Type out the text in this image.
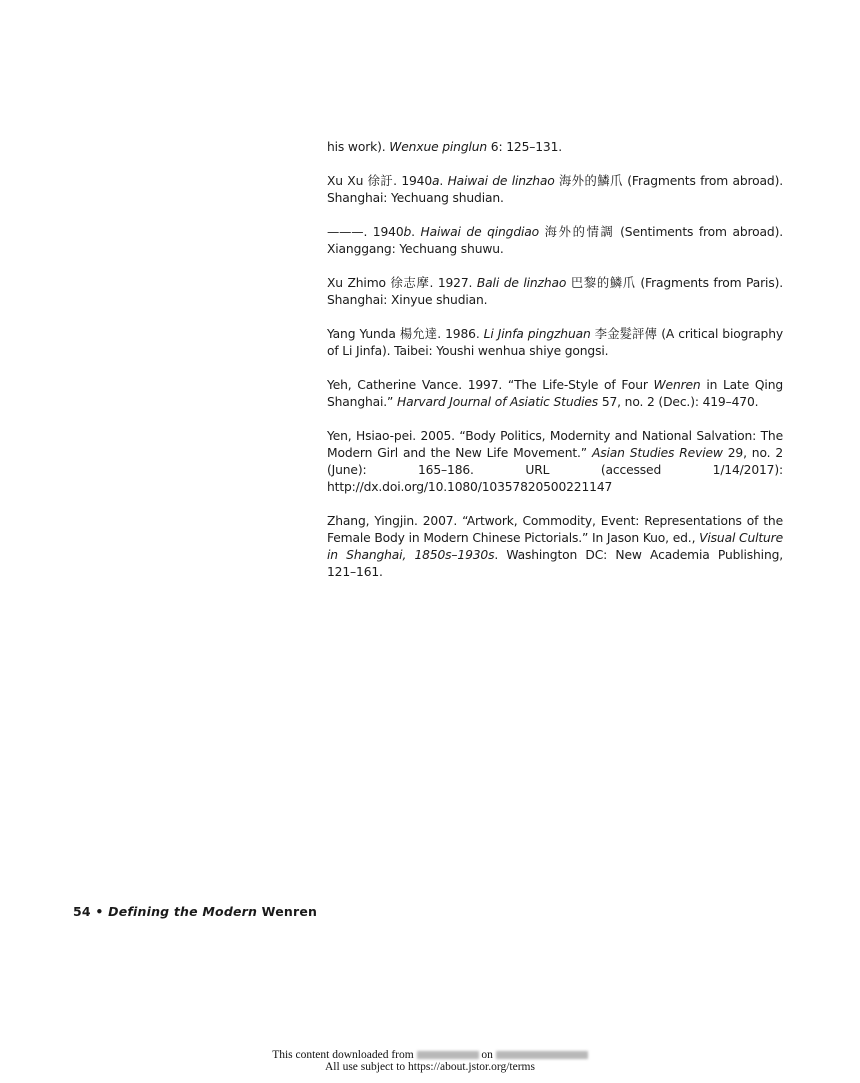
his work). Wenxue pinglun 6: 125–131.
Xu Xu 徐訏. 1940a. Haiwai de linzhao 海外的鱗爪 (Fragments from abroad). Shanghai: Yechuang shudian.
———. 1940b. Haiwai de qingdiao 海外的情調 (Sentiments from abroad). Xianggang: Yechuang shuwu.
Xu Zhimo 徐志摩. 1927. Bali de linzhao 巴黎的鱗爪 (Fragments from Paris). Shanghai: Xinyue shudian.
Yang Yunda 楊允達. 1986. Li Jinfa pingzhuan 李金髮評傳 (A critical biography of Li Jinfa). Taibei: Youshi wenhua shiye gongsi.
Yeh, Catherine Vance. 1997. “The Life-Style of Four Wenren in Late Qing Shanghai.” Harvard Journal of Asiatic Studies 57, no. 2 (Dec.): 419–470.
Yen, Hsiao-pei. 2005. “Body Politics, Modernity and National Salvation: The Modern Girl and the New Life Movement.” Asian Studies Review 29, no. 2 (June): 165–186. URL (accessed 1/14/2017): http://dx.doi.org/10.1080/10357820500221147
Zhang, Yingjin. 2007. “Artwork, Commodity, Event: Representations of the Female Body in Modern Chinese Pictorials.” In Jason Kuo, ed., Visual Culture in Shanghai, 1850s–1930s. Washington DC: New Academia Publishing, 121–161.
54 • Defining the Modern Wenren
This content downloaded from	on
All use subject to https://about.jstor.org/terms
